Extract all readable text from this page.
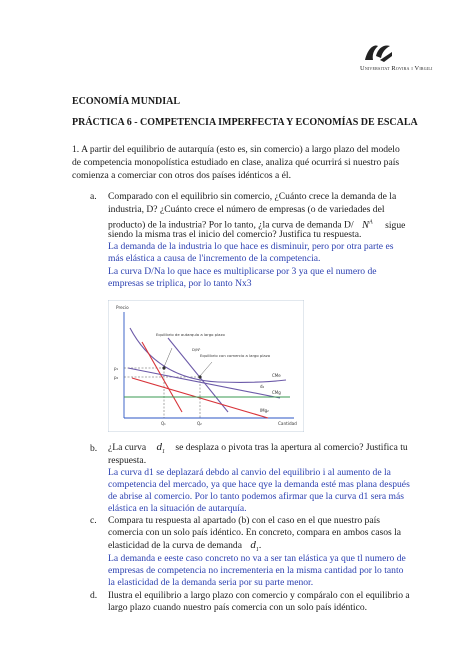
Universitat Rovira i Virgili
ECONOMÍA MUNDIAL
PRÁCTICA 6 - COMPETENCIA IMPERFECTA Y ECONOMÍAS DE ESCALA
1. A partir del equilibrio de autarquía (esto es, sin comercio) a largo plazo del modelo
de competencia monopolística estudiado en clase, analiza qué ocurrirá si nuestro país
comienza a comerciar con otros dos países idénticos a él.
a. Comparado con el equilibrio sin comercio, ¿Cuánto crece la demanda de la
industria, D? ¿Cuánto crece el número de empresas (o de variedades del
producto) de la industria? Por lo tanto, ¿la curva de demanda D/ $N^A$ sigue
siendo la misma tras el inicio del comercio? Justifica tu respuesta.
La demanda de la industria lo que hace es disminuir, pero por otra parte es
más elástica a causa de l'incremento de la competencia.
La curva D/Na lo que hace es multiplicarse por 3 ya que el numero de
empresas se triplica, por lo tanto Nx3
Precio
Cantidad
Equilibrio de autarquía a largo plazo
D/N¹
Equilibrio con comercio a largo plazo
d₂
CMe
CMg
IMg₂
p₁
p₂
Q₁	Q₂
b. ¿La curva $d_1$ se desplaza o pivota tras la apertura al comercio? Justifica tu
respuesta.
La curva d1 se deplazará debdo al canvio del equilibrio i al aumento de la
competencia del mercado, ya que hace qye la demanda esté mas plana después
de abrise al comercio. Por lo tanto podemos afirmar que la curva d1 sera más
elástica en la situación de autarquía.
c. Compara tu respuesta al apartado (b) con el caso en el que nuestro país
comercia con un solo país idéntico. En concreto, compara en ambos casos la
elasticidad de la curva de demanda $d_1$.
La demanda e eeste caso concreto no va a ser tan elástica ya que tl numero de
empresas de competencia no incrementeria en la misma cantidad por lo tanto
la elasticidad de la demanda seria por su parte menor.
d. Ilustra el equilibrio a largo plazo con comercio y compáralo con el equilibrio a
largo plazo cuando nuestro país comercia con un solo país idéntico.
